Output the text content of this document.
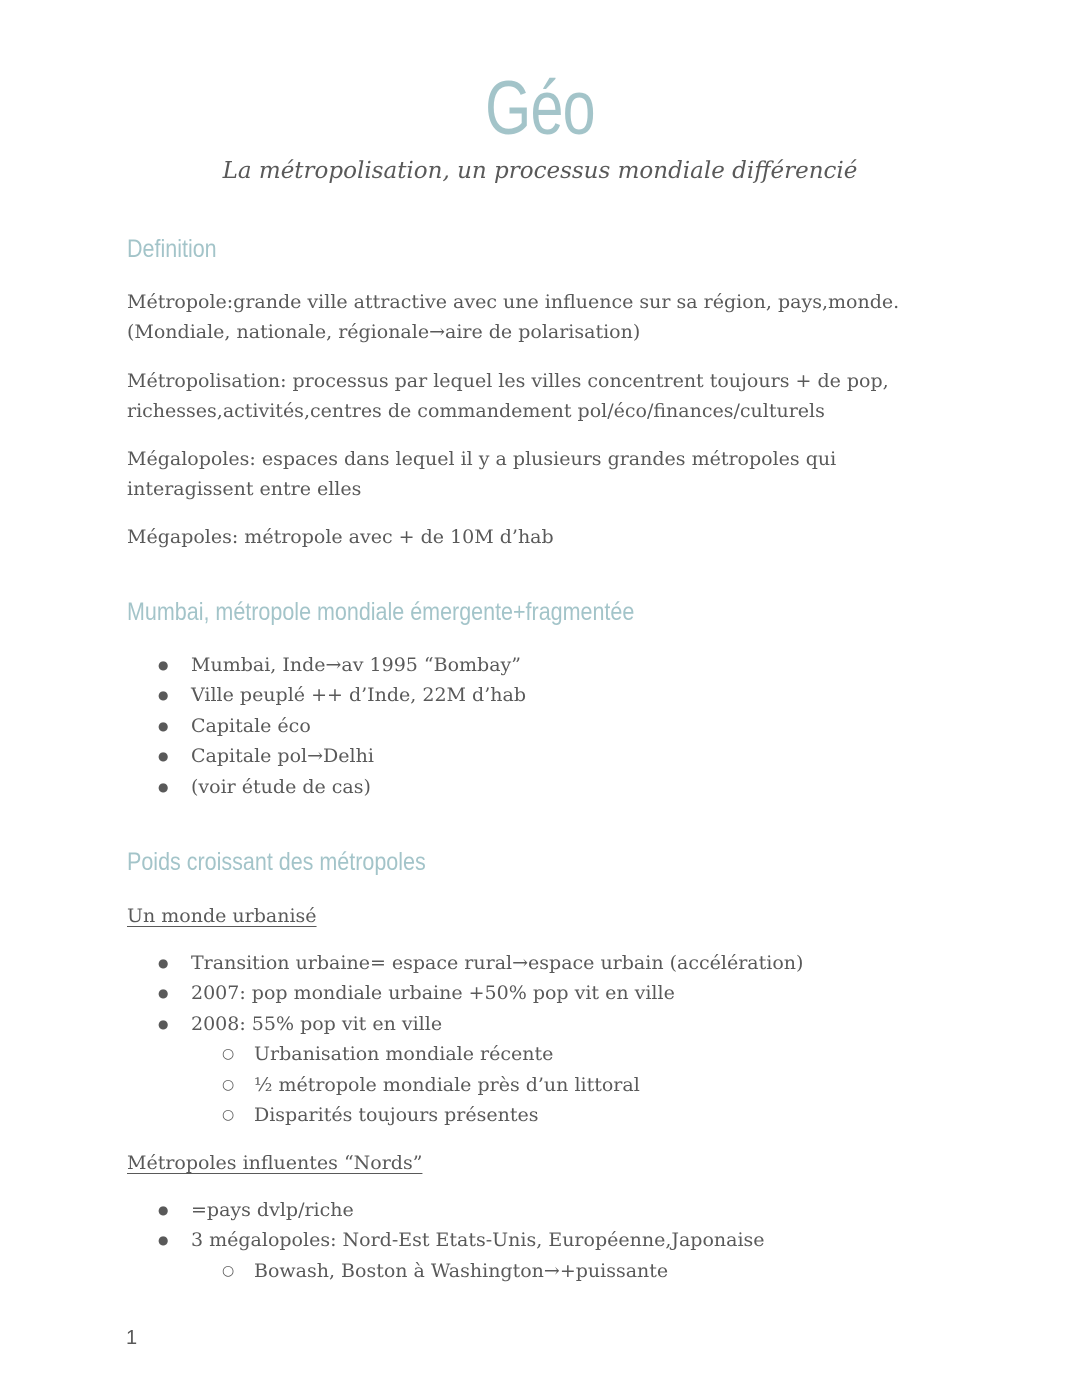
Géo
La métropolisation, un processus mondiale différencié
Definition
Métropole:grande ville attractive avec une influence sur sa région, pays,monde. (Mondiale, nationale, régionale→aire de polarisation)
Métropolisation: processus par lequel les villes concentrent toujours + de pop, richesses,activités,centres de commandement pol/éco/finances/culturels
Mégalopoles: espaces dans lequel il y a plusieurs grandes métropoles qui interagissent entre elles
Mégapoles: métropole avec + de 10M d’hab
Mumbai, métropole mondiale émergente+fragmentée
● Mumbai, Inde→av 1995 “Bombay”
● Ville peuplé ++ d’Inde, 22M d’hab
● Capitale éco
● Capitale pol→Delhi
● (voir étude de cas)
Poids croissant des métropoles
Un monde urbanisé
● Transition urbaine= espace rural→espace urbain (accélération)
● 2007: pop mondiale urbaine +50% pop vit en ville
● 2008: 55% pop vit en ville
○ Urbanisation mondiale récente
○ ½ métropole mondiale près d’un littoral
○ Disparités toujours présentes
Métropoles influentes “Nords”
● =pays dvlp/riche
● 3 mégalopoles: Nord-Est Etats-Unis, Européenne,Japonaise
○ Bowash, Boston à Washington→+puissante
1
